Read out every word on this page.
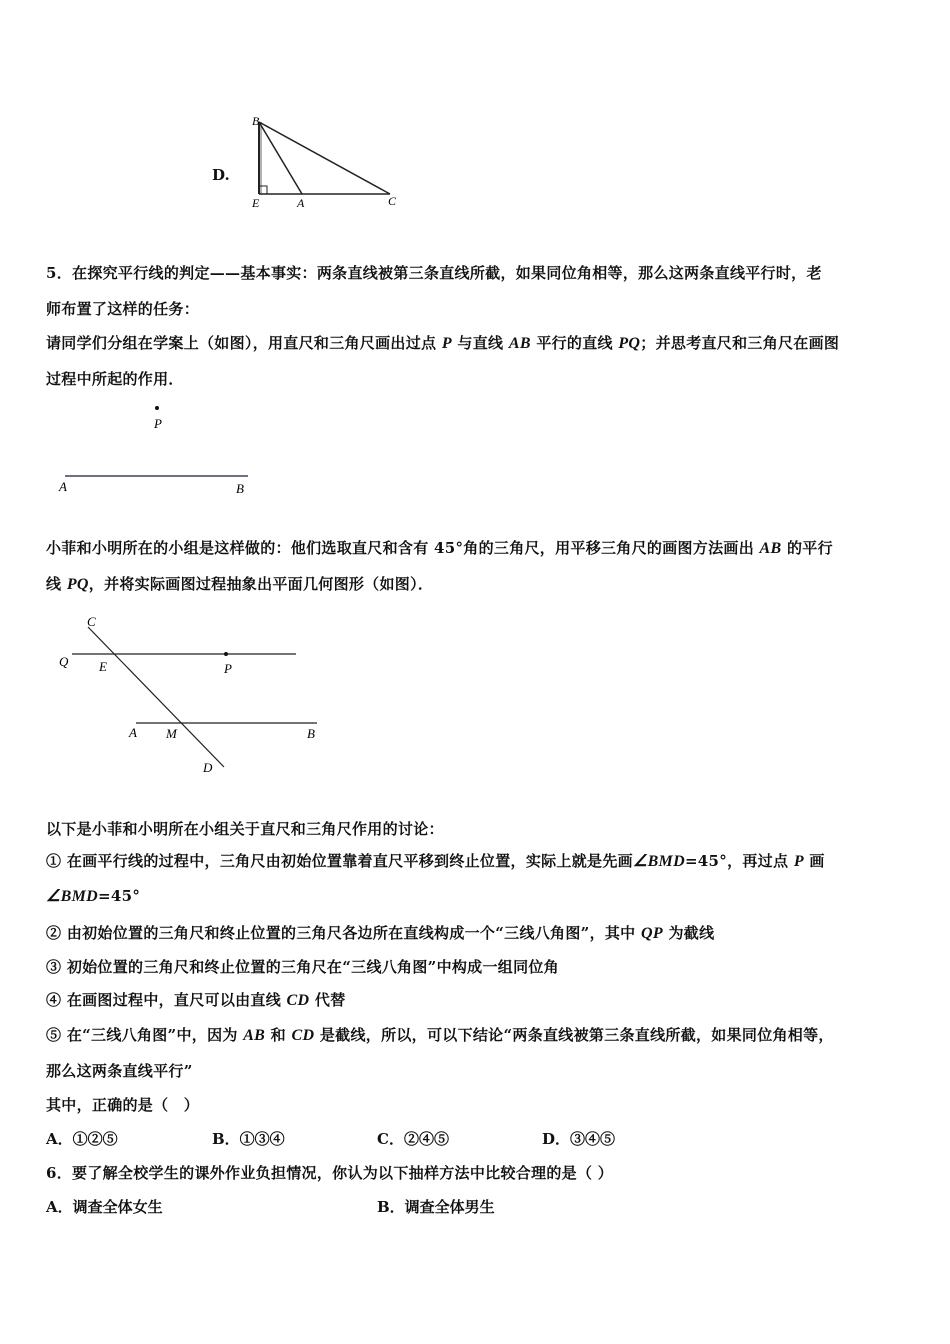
D.
B
E	A	C
5．在探究平行线的判定——基本事实：两条直线被第三条直线所截，如果同位角相等，那么这两条直线平行时，老
师布置了这样的任务：
请同学们分组在学案上（如图），用直尺和三角尺画出过点 P 与直线 AB 平行的直线 PQ；并思考直尺和三角尺在画图
过程中所起的作用．
P
A	B
小菲和小明所在的小组是这样做的：他们选取直尺和含有 45°角的三角尺，用平移三角尺的画图方法画出 AB 的平行
线 PQ，并将实际画图过程抽象出平面几何图形（如图）．
C
Q E	P
A M	B
D
以下是小菲和小明所在小组关于直尺和三角尺作用的讨论：
① 在画平行线的过程中，三角尺由初始位置靠着直尺平移到终止位置，实际上就是先画∠BMD=45°，再过点 P 画
∠BMD=45°
② 由初始位置的三角尺和终止位置的三角尺各边所在直线构成一个“三线八角图”，其中 QP 为截线
③ 初始位置的三角尺和终止位置的三角尺在“三线八角图”中构成一组同位角
④ 在画图过程中，直尺可以由直线 CD 代替
⑤ 在“三线八角图”中，因为 AB 和 CD 是截线，所以，可以下结论“两条直线被第三条直线所截，如果同位角相等，
那么这两条直线平行”
其中，正确的是（　）
A．①②⑤	B．①③④	C．②④⑤	D．③④⑤
6．要了解全校学生的课外作业负担情况，你认为以下抽样方法中比较合理的是（ ）
A．调查全体女生	B．调查全体男生
